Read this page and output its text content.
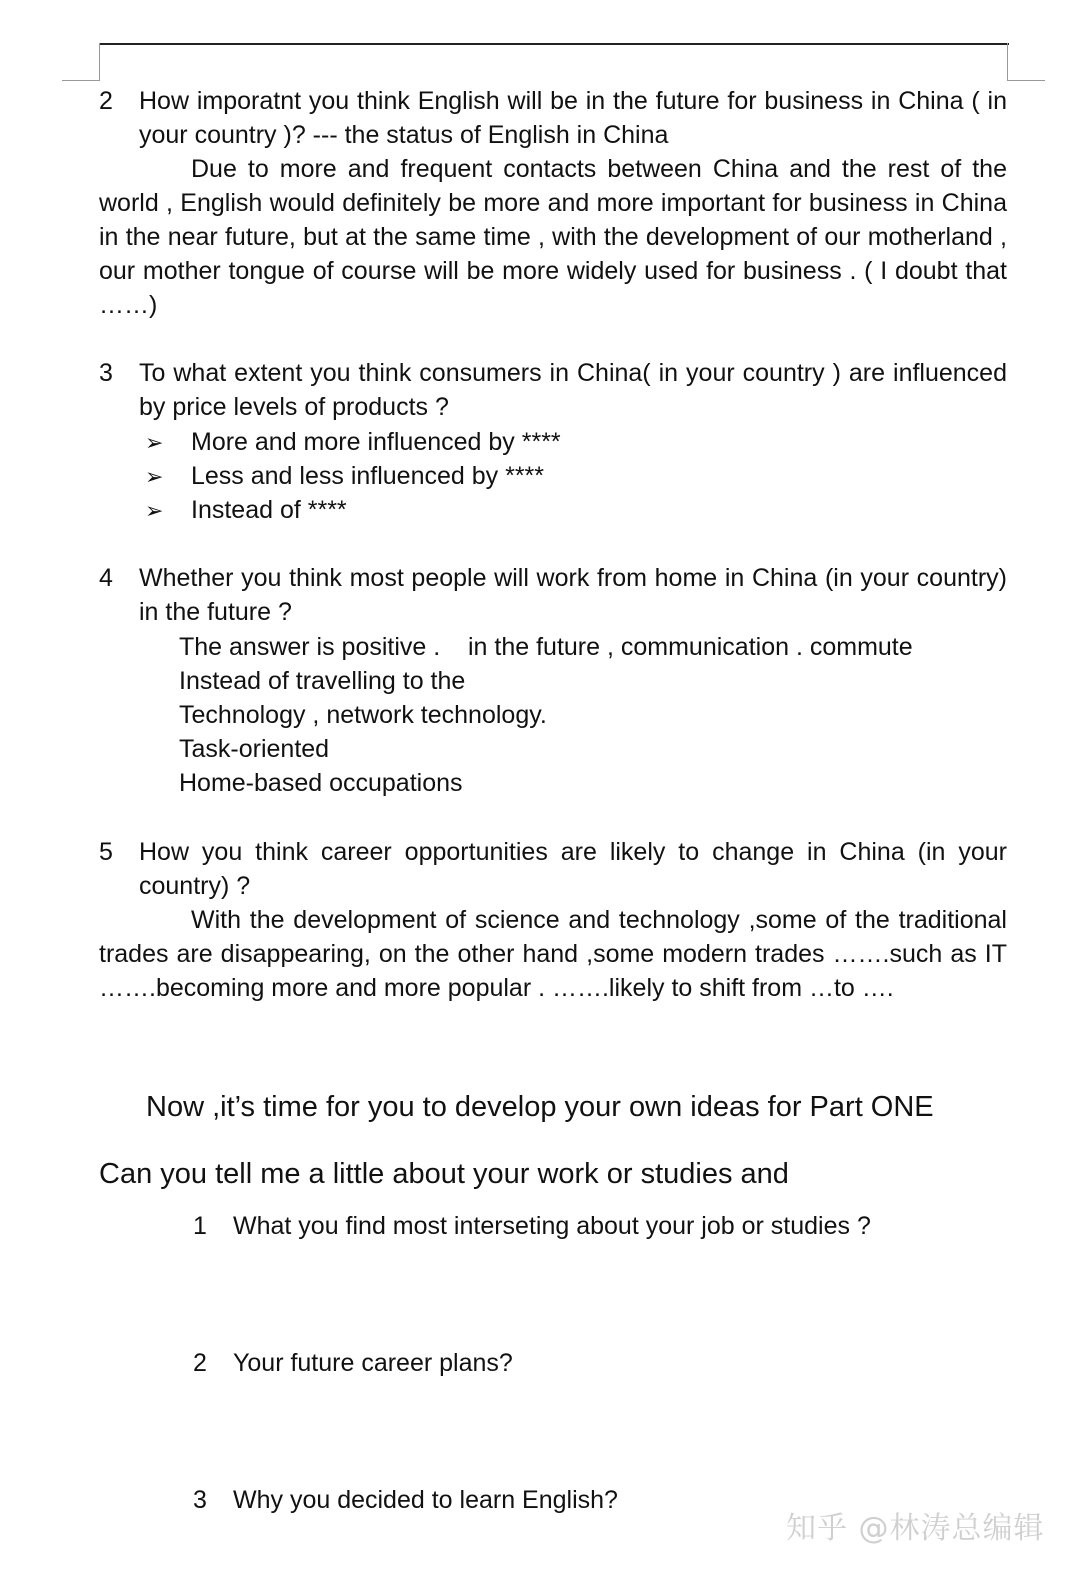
2 How imporatnt you think English will be in the future for business in China ( in your country )? --- the status of English in China
Due to more and frequent contacts between China and the rest of the world , English would definitely be more and more important for business in China in the near future, but at the same time , with the development of our motherland , our mother tongue of course will be more widely used for business . ( I doubt that ……)
3 To what extent you think consumers in China( in your country ) are influenced by price levels of products ?
➢ More and more influenced by ****
➢ Less and less influenced by ****
➢ Instead of ****
4 Whether you think most people will work from home in China (in your country) in the future ?
The answer is positive .    in the future , communication . commute
Instead of travelling to the
Technology , network technology.
Task-oriented
Home-based occupations
5 How you think career opportunities are likely to change in China (in your country) ?
With the development of science and technology ,some of the traditional trades are disappearing, on the other hand ,some modern trades …….such as IT …….becoming more and more popular . …….likely to shift from …to ….
Now ,it’s time for you to develop your own ideas for Part ONE
Can you tell me a little about your work or studies and
1 What you find most interseting about your job or studies ?
2 Your future career plans?
3 Why you decided to learn English?
知乎 @林涛总编辑
